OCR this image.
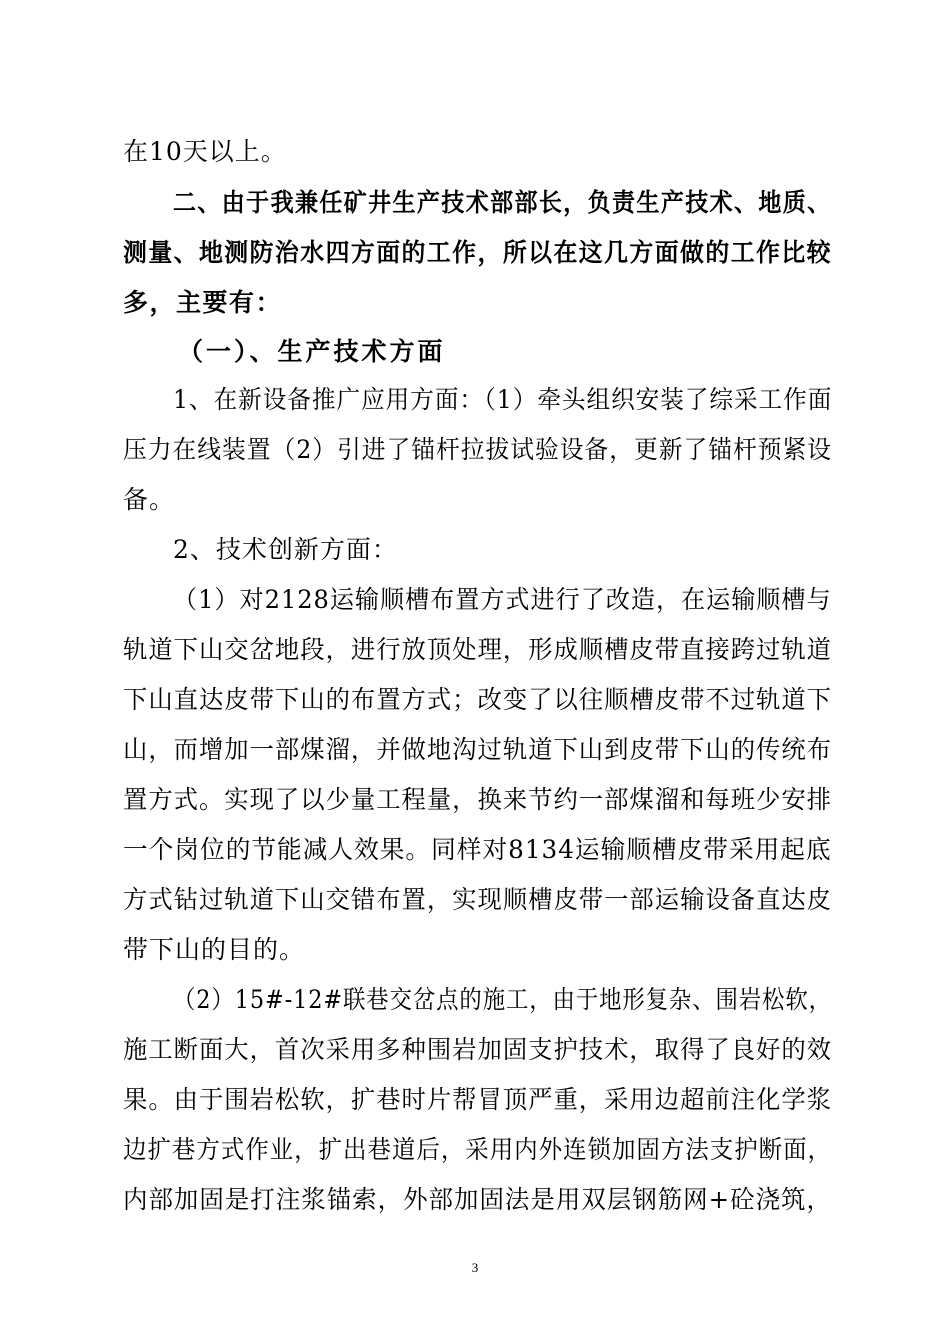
在10天以上。
二、由于我兼任矿井生产技术部部长，负责生产技术、地质、
测量、地测防治水四方面的工作，所以在这几方面做的工作比较
多，主要有：
（一）、生产技术方面
1、在新设备推广应用方面：（1）牵头组织安装了综采工作面
压力在线装置（2）引进了锚杆拉拔试验设备，更新了锚杆预紧设
备。
2、技术创新方面：
（1）对2128运输顺槽布置方式进行了改造，在运输顺槽与
轨道下山交岔地段，进行放顶处理，形成顺槽皮带直接跨过轨道
下山直达皮带下山的布置方式；改变了以往顺槽皮带不过轨道下
山，而增加一部煤溜，并做地沟过轨道下山到皮带下山的传统布
置方式。实现了以少量工程量，换来节约一部煤溜和每班少安排
一个岗位的节能减人效果。同样对8134运输顺槽皮带采用起底
方式钻过轨道下山交错布置，实现顺槽皮带一部运输设备直达皮
带下山的目的。
（2）15#-12#联巷交岔点的施工，由于地形复杂、围岩松软，
施工断面大，首次采用多种围岩加固支护技术，取得了良好的效
果。由于围岩松软，扩巷时片帮冒顶严重，采用边超前注化学浆
边扩巷方式作业，扩出巷道后，采用内外连锁加固方法支护断面，
内部加固是打注浆锚索，外部加固法是用双层钢筋网+砼浇筑，
3
